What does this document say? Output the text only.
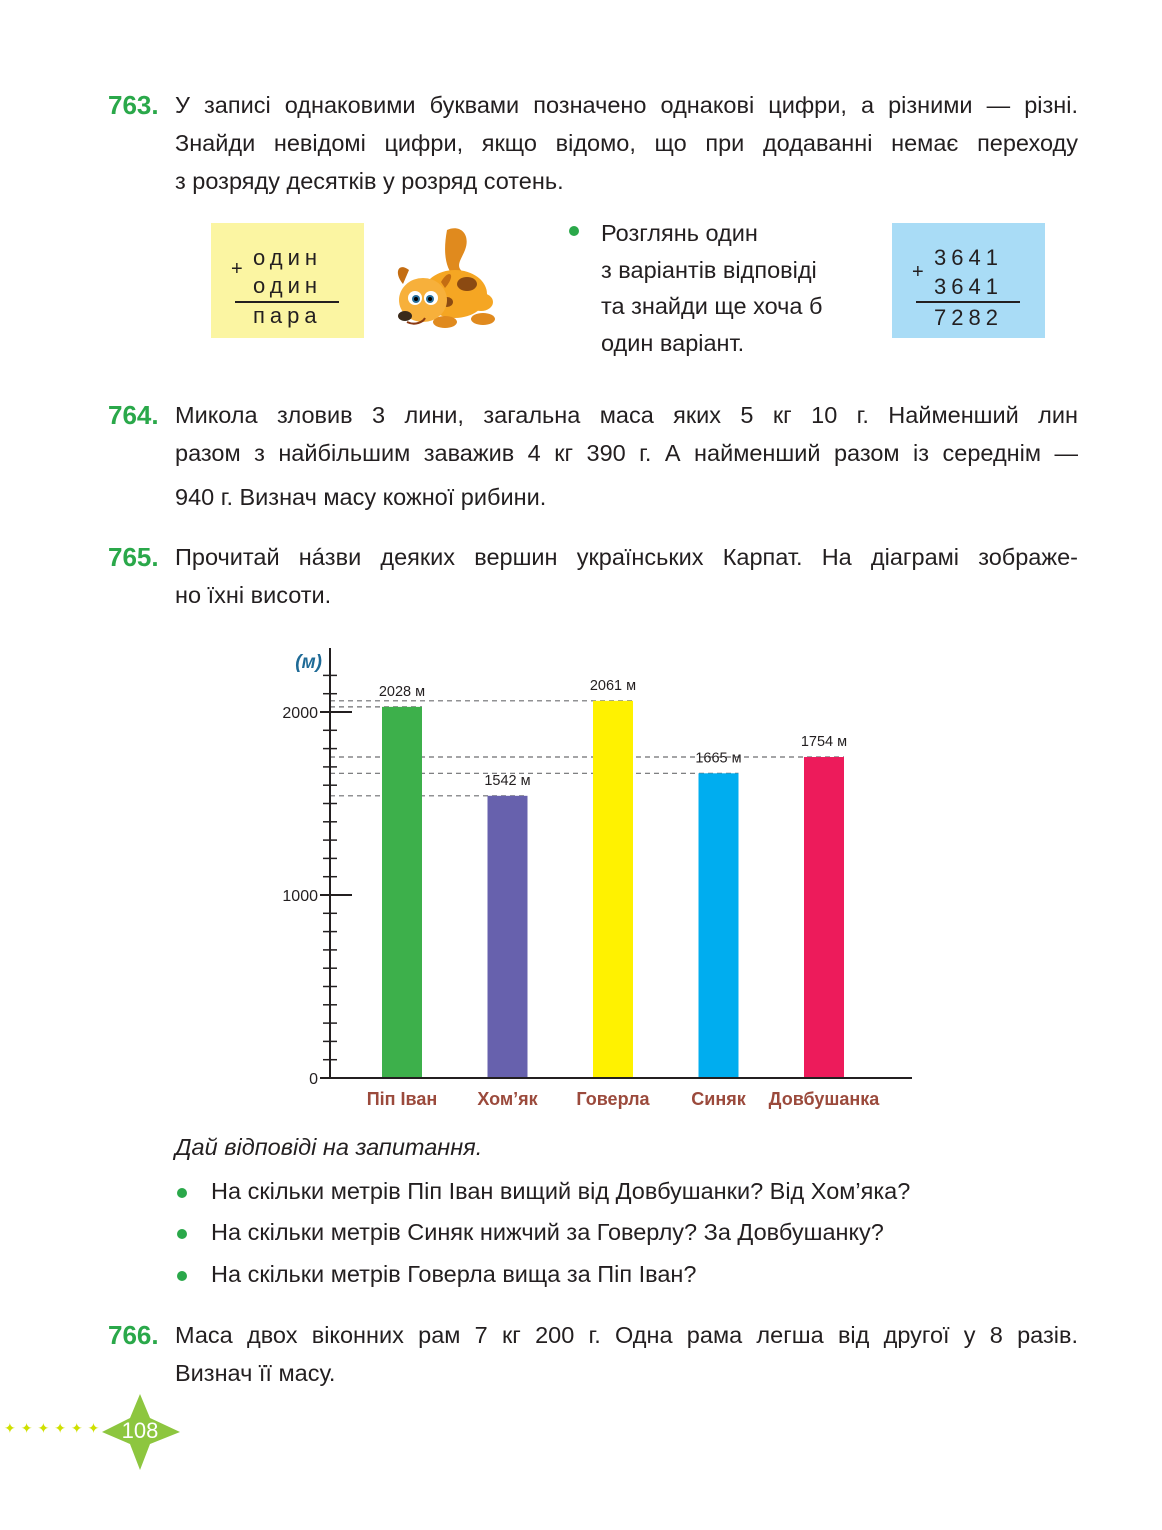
763. У записі однаковими буквами позначено однакові цифри, а різними — різні.
Знайди невідомі цифри, якщо відомо, що при додаванні немає переходу
з розряду десятків у розряд сотень.
+ один
один
пара
Розглянь один
з варіантів відповіді
та знайди ще хоча б
один варіант.
+
3641
3641
7282
764. Микола зловив 3 лини, загальна маса яких 5 кг 10 г. Найменший лин
разом з найбільшим заважив 4 кг 390 г. А найменший разом із середнім —
940 г. Визнач масу кожної рибини.
765. Прочитай нáзви деяких вершин українських Карпат. На діаграмі зображе-
но їхні висоти.
0
1000
2000
(м)
2028 м
1542 м
2061 м
1665 м
1754 м
Піп Іван Хом’як Говерла Синяк Довбушанка
Дай відповіді на запитання.
На скільки метрів Піп Іван вищий від Довбушанки? Від Хом’яка?
На скільки метрів Синяк нижчий за Говерлу? За Довбушанку?
На скільки метрів Говерла вища за Піп Іван?
766. Маса двох віконних рам 7 кг 200 г. Одна рама легша від другої у 8 разів.
Визнач її масу.
✦✦✦✦✦✦ 108
